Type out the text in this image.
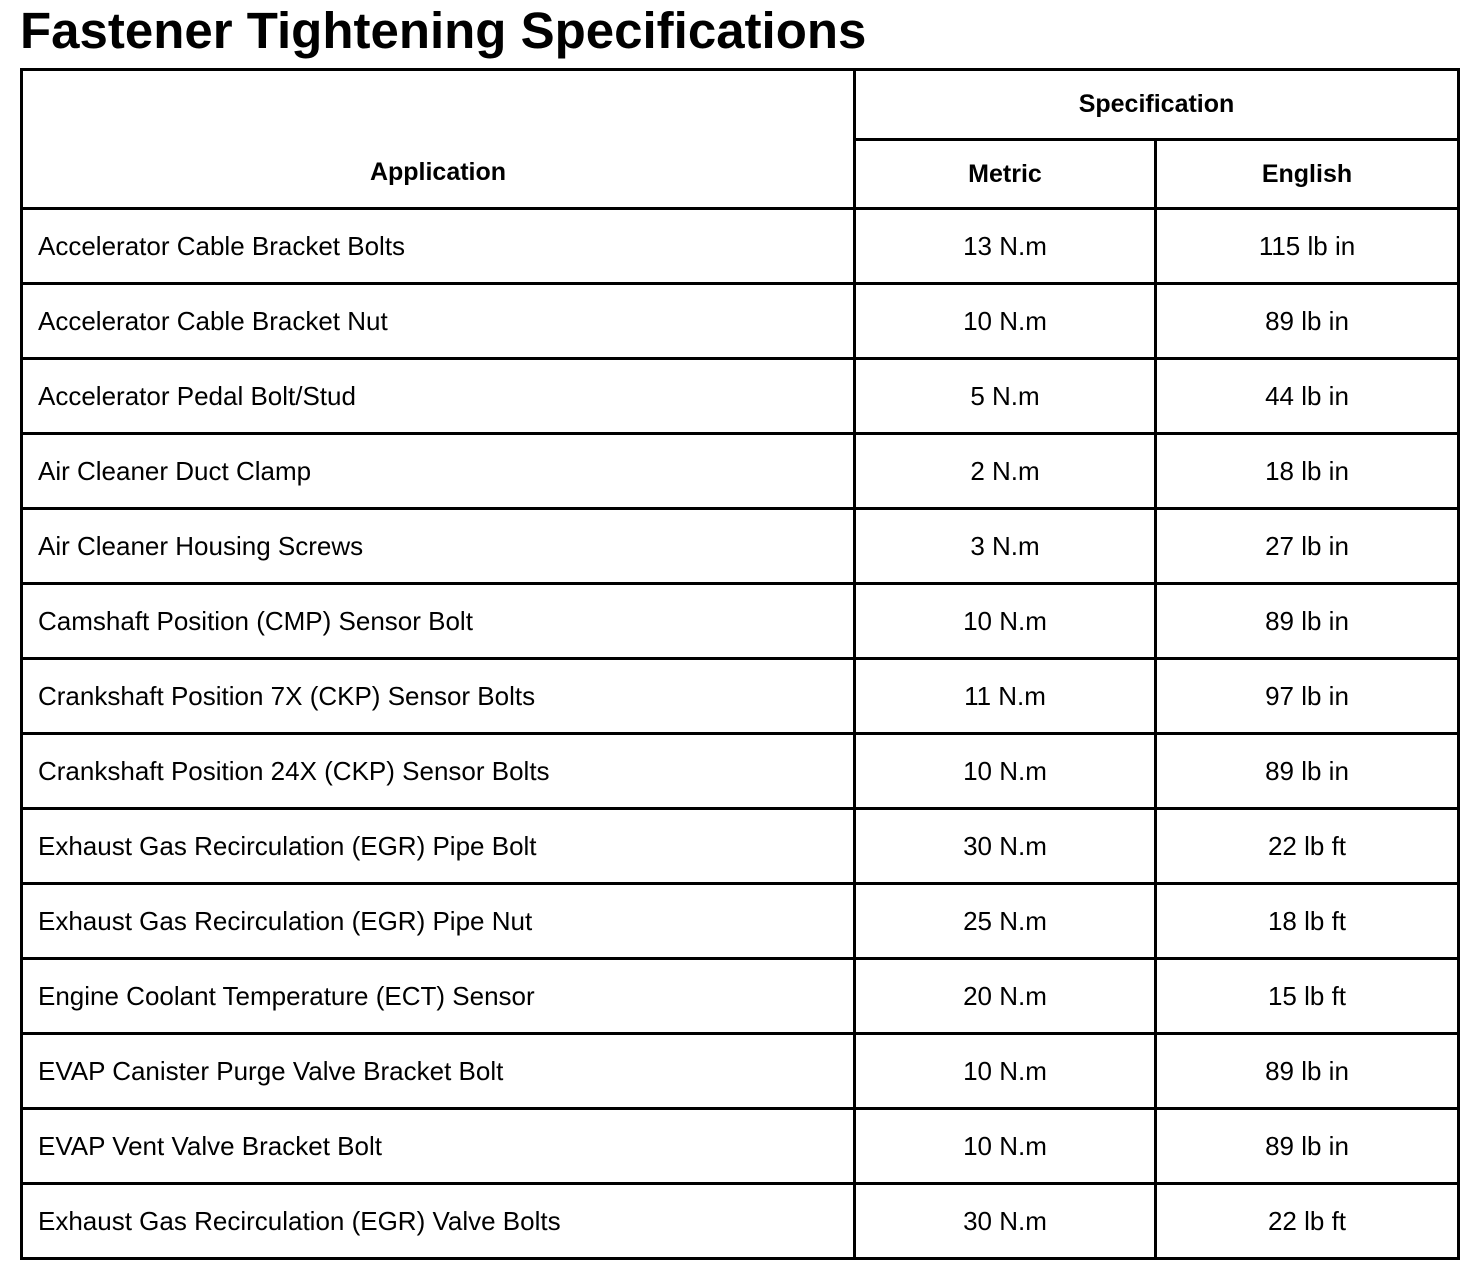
Fastener Tightening Specifications
Application	Specification	
	Metric	English
Accelerator Cable Bracket Bolts	13 N.m	115 lb in
Accelerator Cable Bracket Nut	10 N.m	89 lb in
Accelerator Pedal Bolt/Stud	5 N.m	44 lb in
Air Cleaner Duct Clamp	2 N.m	18 lb in
Air Cleaner Housing Screws	3 N.m	27 lb in
Camshaft Position (CMP) Sensor Bolt	10 N.m	89 lb in
Crankshaft Position 7X (CKP) Sensor Bolts	11 N.m	97 lb in
Crankshaft Position 24X (CKP) Sensor Bolts	10 N.m	89 lb in
Exhaust Gas Recirculation (EGR) Pipe Bolt	30 N.m	22 lb ft
Exhaust Gas Recirculation (EGR) Pipe Nut	25 N.m	18 lb ft
Engine Coolant Temperature (ECT) Sensor	20 N.m	15 lb ft
EVAP Canister Purge Valve Bracket Bolt	10 N.m	89 lb in
EVAP Vent Valve Bracket Bolt	10 N.m	89 lb in
Exhaust Gas Recirculation (EGR) Valve Bolts	30 N.m	22 lb ft
